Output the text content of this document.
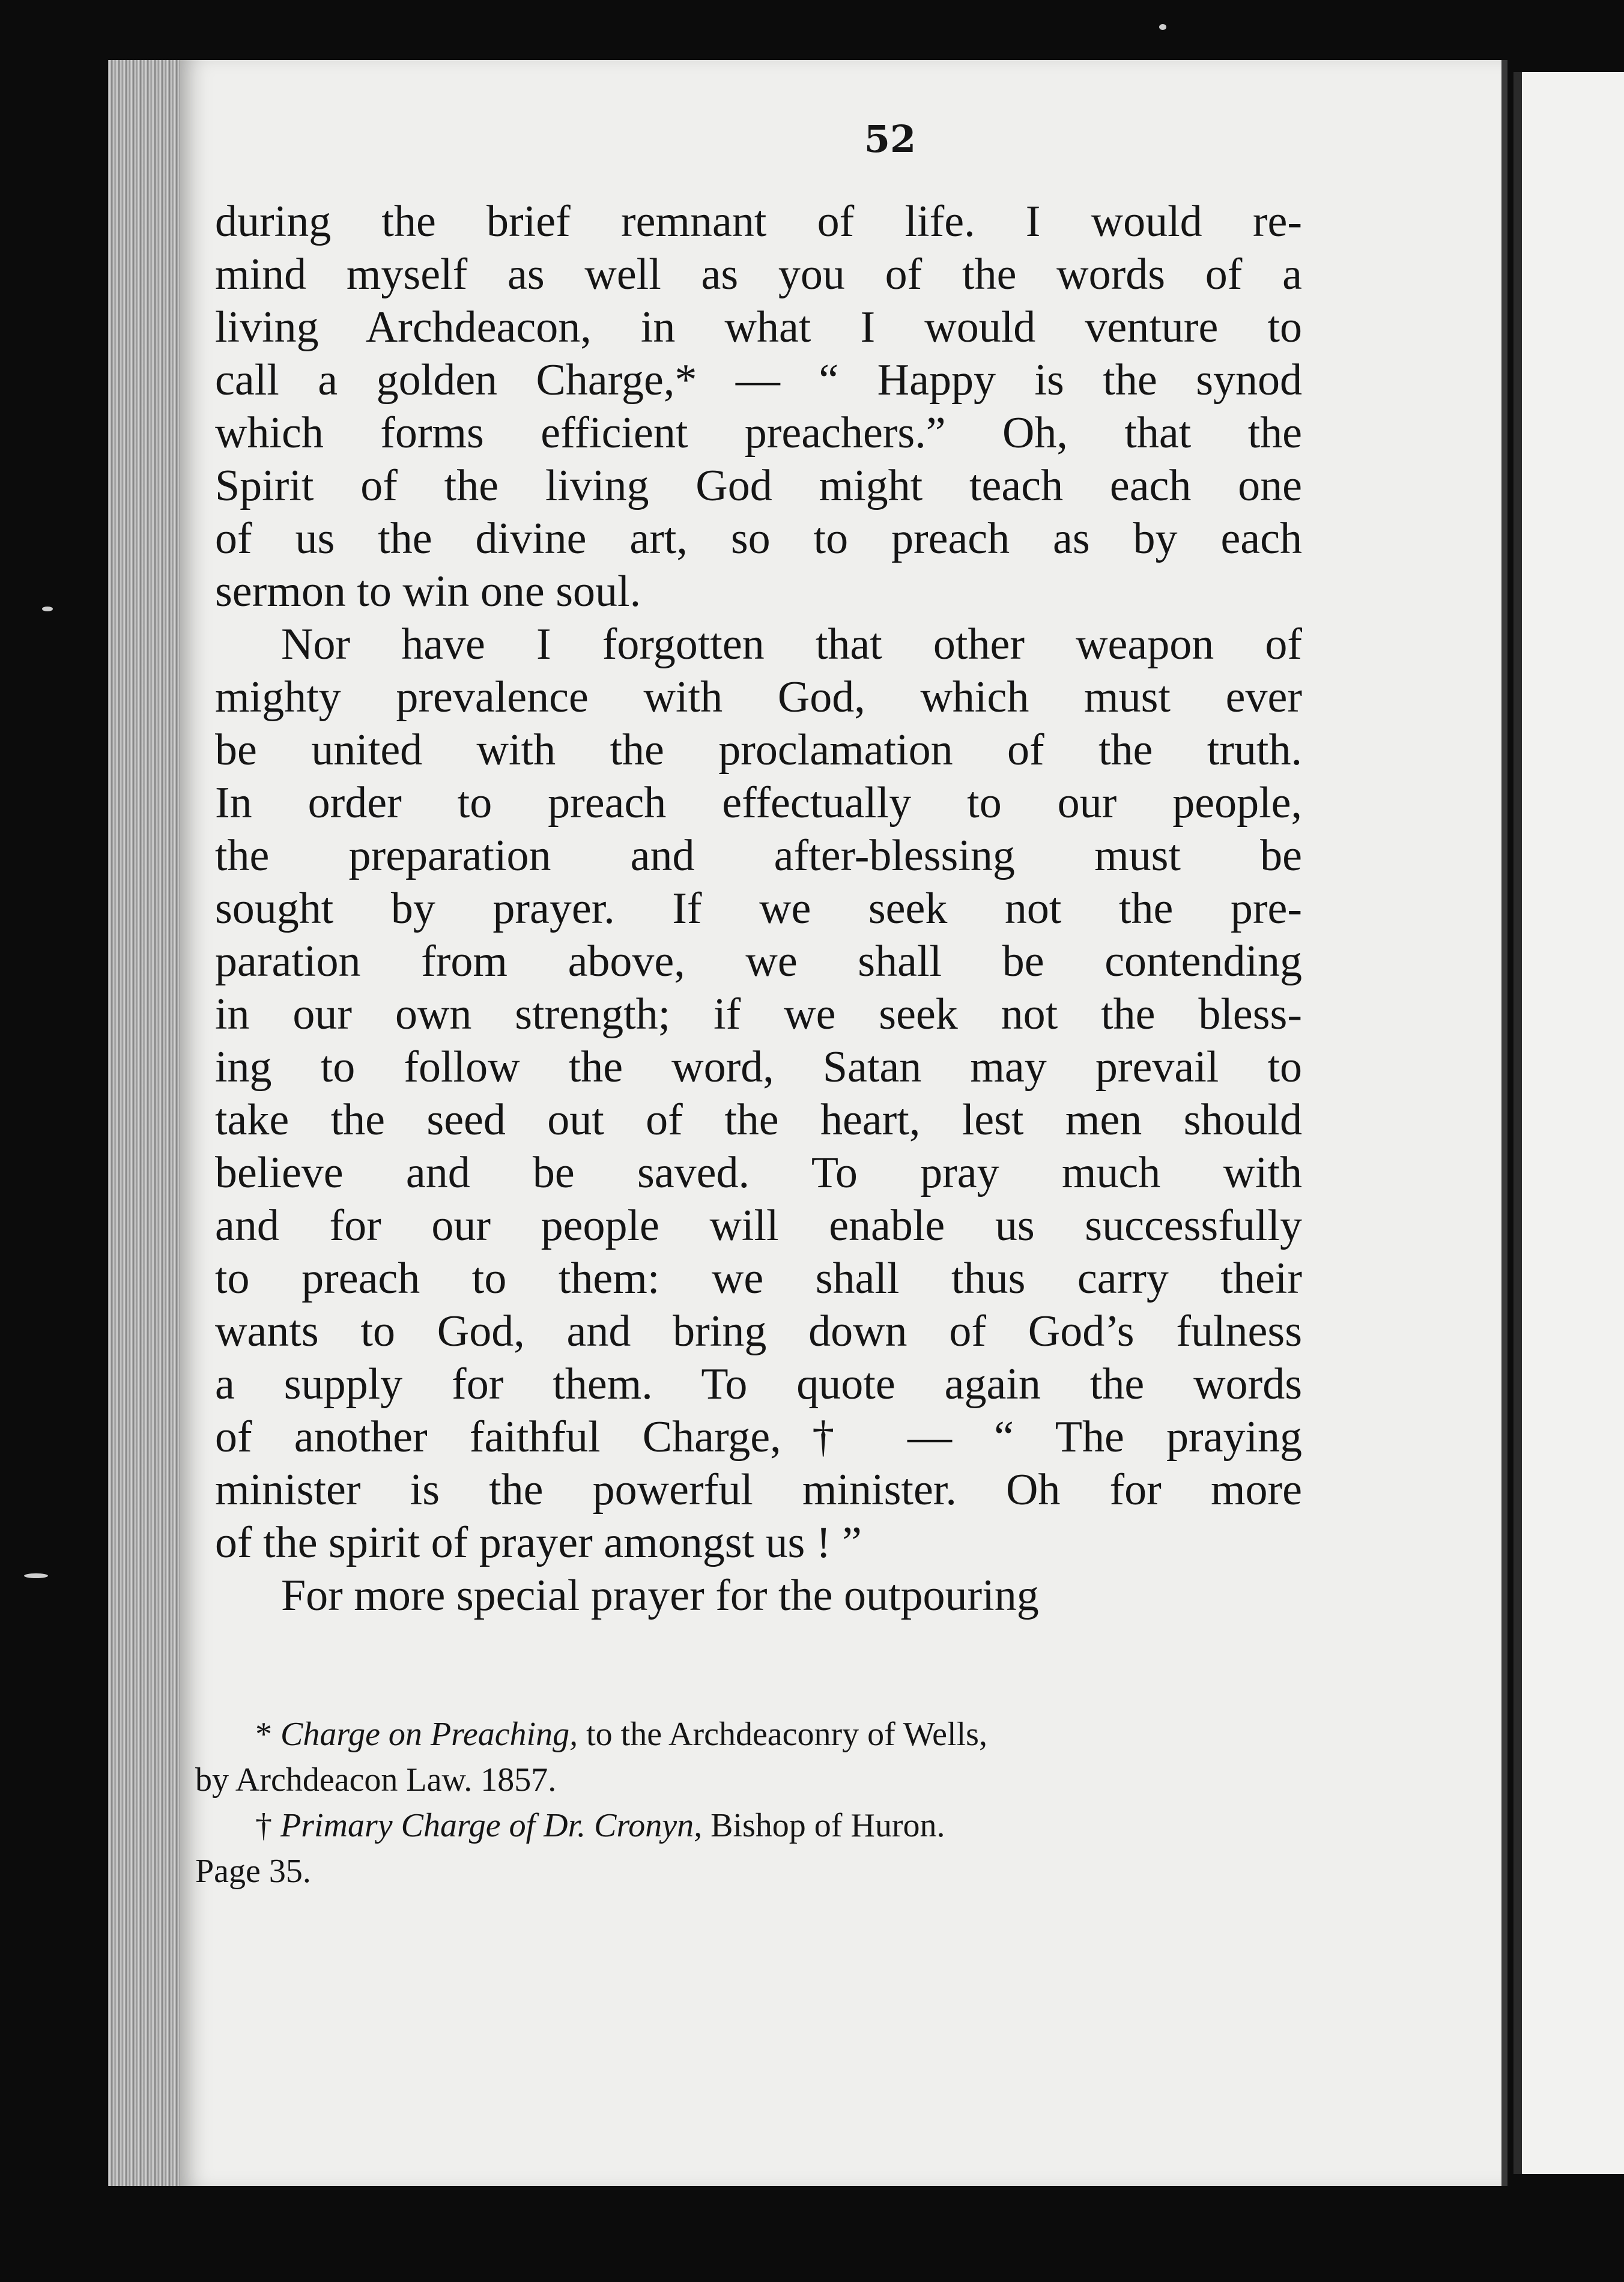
52
during the brief remnant of life. I would re-
mind myself as well as you of the words of a
living Archdeacon, in what I would venture to
call a golden Charge,* — “ Happy is the synod
which forms efficient preachers.” Oh, that the
Spirit of the living God might teach each one
of us the divine art, so to preach as by each
sermon to win one soul.
Nor have I forgotten that other weapon of
mighty prevalence with God, which must ever
be united with the proclamation of the truth.
In order to preach effectually to our people,
the preparation and after-blessing must be
sought by prayer. If we seek not the pre-
paration from above, we shall be contending
in our own strength; if we seek not the bless-
ing to follow the word, Satan may prevail to
take the seed out of the heart, lest men should
believe and be saved. To pray much with
and for our people will enable us successfully
to preach to them: we shall thus carry their
wants to God, and bring down of God’s fulness
a supply for them. To quote again the words
of another faithful Charge,† — “ The praying
minister is the powerful minister. Oh for more
of the spirit of prayer amongst us ! ”
For more special prayer for the outpouring
* Charge on Preaching, to the Archdeaconry of Wells,
by Archdeacon Law. 1857.
† Primary Charge of Dr. Cronyn, Bishop of Huron.
Page 35.
